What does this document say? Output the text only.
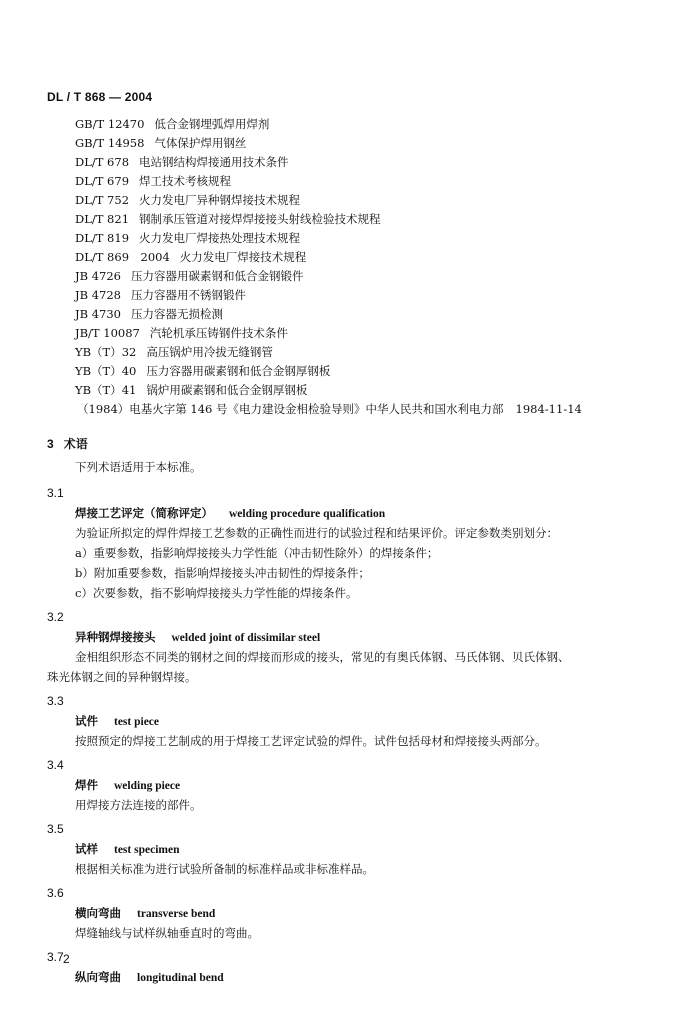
DL / T 868 — 2004
GB/T 12470 低合金钢埋弧焊用焊剂
GB/T 14958 气体保护焊用钢丝
DL/T 678 电站钢结构焊接通用技术条件
DL/T 679 焊工技术考核规程
DL/T 752 火力发电厂异种钢焊接技术规程
DL/T 821 钢制承压管道对接焊焊接接头射线检验技术规程
DL/T 819 火力发电厂焊接热处理技术规程
DL/T 869　2004 火力发电厂焊接技术规程
JB 4726 压力容器用碳素钢和低合金钢锻件
JB 4728 压力容器用不锈钢锻件
JB 4730 压力容器无损检测
JB/T 10087 汽轮机承压铸钢件技术条件
YB（T）32 高压锅炉用冷拔无缝钢管
YB（T）40 压力容器用碳素钢和低合金钢厚钢板
YB（T）41 锅炉用碳素钢和低合金钢厚钢板
（1984）电基火字第 146 号《电力建设金相检验导则》中华人民共和国水利电力部 1984-11-14
3 术语
下列术语适用于本标准。
3.1
焊接工艺评定（简称评定） welding procedure qualification
为验证所拟定的焊件焊接工艺参数的正确性而进行的试验过程和结果评价。评定参数类别划分：
a）重要参数，指影响焊接接头力学性能（冲击韧性除外）的焊接条件；
b）附加重要参数，指影响焊接接头冲击韧性的焊接条件；
c）次要参数，指不影响焊接接头力学性能的焊接条件。
3.2
异种钢焊接接头 welded joint of dissimilar steel
金相组织形态不同类的钢材之间的焊接而形成的接头，常见的有奥氏体钢、马氏体钢、贝氏体钢、
珠光体钢之间的异种钢焊接。
3.3
试件 test piece
按照预定的焊接工艺制成的用于焊接工艺评定试验的焊件。试件包括母材和焊接接头两部分。
3.4
焊件 welding piece
用焊接方法连接的部件。
3.5
试样 test specimen
根据相关标准为进行试验所备制的标准样品或非标准样品。
3.6
横向弯曲 transverse bend
焊缝轴线与试样纵轴垂直时的弯曲。
3.7
纵向弯曲 longitudinal bend
2
